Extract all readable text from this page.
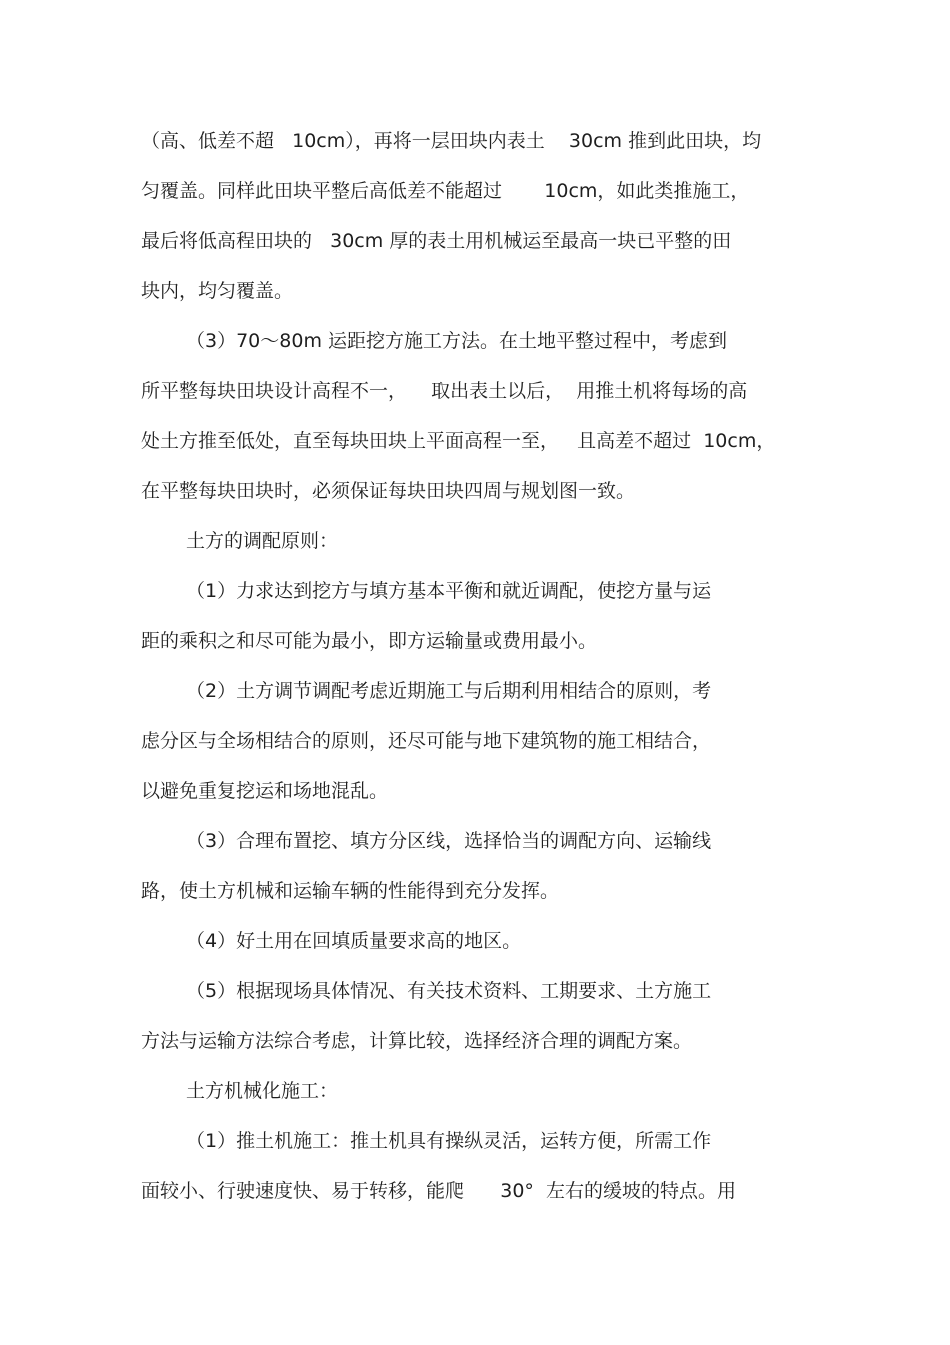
（高、低差不超   10cm），再将一层田块内表土    30cm 推到此田块，均
匀覆盖。同样此田块平整后高低差不能超过       10cm，如此类推施工，
最后将低高程田块的   30cm 厚的表土用机械运至最高一块已平整的田
块内，均匀覆盖。
（3）70～80m 运距挖方施工方法。在土地平整过程中，考虑到
所平整每块田块设计高程不一，    取出表土以后，  用推土机将每场的高
处土方推至低处，直至每块田块上平面高程一至，   且高差不超过  10cm，
在平整每块田块时，必须保证每块田块四周与规划图一致。
土方的调配原则：
（1）力求达到挖方与填方基本平衡和就近调配，使挖方量与运
距的乘积之和尽可能为最小，即方运输量或费用最小。
（2）土方调节调配考虑近期施工与后期利用相结合的原则，考
虑分区与全场相结合的原则，还尽可能与地下建筑物的施工相结合，
以避免重复挖运和场地混乱。
（3）合理布置挖、填方分区线，选择恰当的调配方向、运输线
路，使土方机械和运输车辆的性能得到充分发挥。
（4）好土用在回填质量要求高的地区。
（5）根据现场具体情况、有关技术资料、工期要求、土方施工
方法与运输方法综合考虑，计算比较，选择经济合理的调配方案。
土方机械化施工：
（1）推土机施工：推土机具有操纵灵活，运转方便，所需工作
面较小、行驶速度快、易于转移，能爬      30°  左右的缓坡的特点。用
